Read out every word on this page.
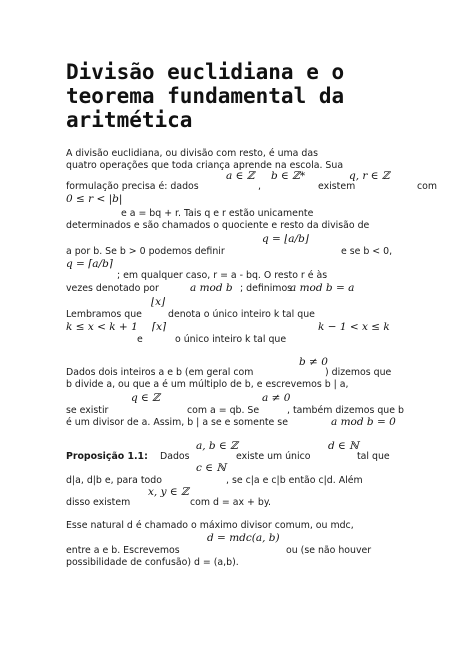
Divisão euclidiana e o teorema fundamental da aritmética
A divisão euclidiana, ou divisão com resto, é uma das
quatro operações que toda criança aprende na escola. Sua
a ∈ ℤ b ∈ ℤ*	q, r ∈ ℤ
formulação precisa é: dados	,	existem	com
0 ≤ r < |b|
e a = bq + r. Tais q e r estão unicamente
determinados e são chamados o quociente e resto da divisão de
q = ⌊a/b⌋
a por b. Se b > 0 podemos definir	e se b < 0,
q = ⌈a/b⌉
; em qualquer caso, r = a - bq. O resto r é às
vezes denotado por	a mod b ; definimos
a mod b = a
⌊x⌋
Lembramos que	denota o único inteiro k tal que
k ≤ x < k + 1 ⌈x⌉	k − 1 < x ≤ k
e	o único inteiro k tal que
b ≠ 0
Dados dois inteiros a e b (em geral com	) dizemos que
b divide a, ou que a é um múltiplo de b, e escrevemos b | a,
q ∈ ℤ	a ≠ 0
se existir	com a = qb. Se	, também dizemos que b
é um divisor de a. Assim, b | a se e somente se	a mod b = 0
a, b ∈ ℤ	d ∈ ℕ
Proposição 1.1: Dados	existe um único	tal que
c ∈ ℕ
d|a, d|b e, para todo	, se c|a e c|b então c|d. Além
x, y ∈ ℤ
disso existem	com d = ax + by.
Esse natural d é chamado o máximo divisor comum, ou mdc,
d = mdc(a, b)
entre a e b. Escrevemos	ou (se não houver
possibilidade de confusão) d = (a,b).
